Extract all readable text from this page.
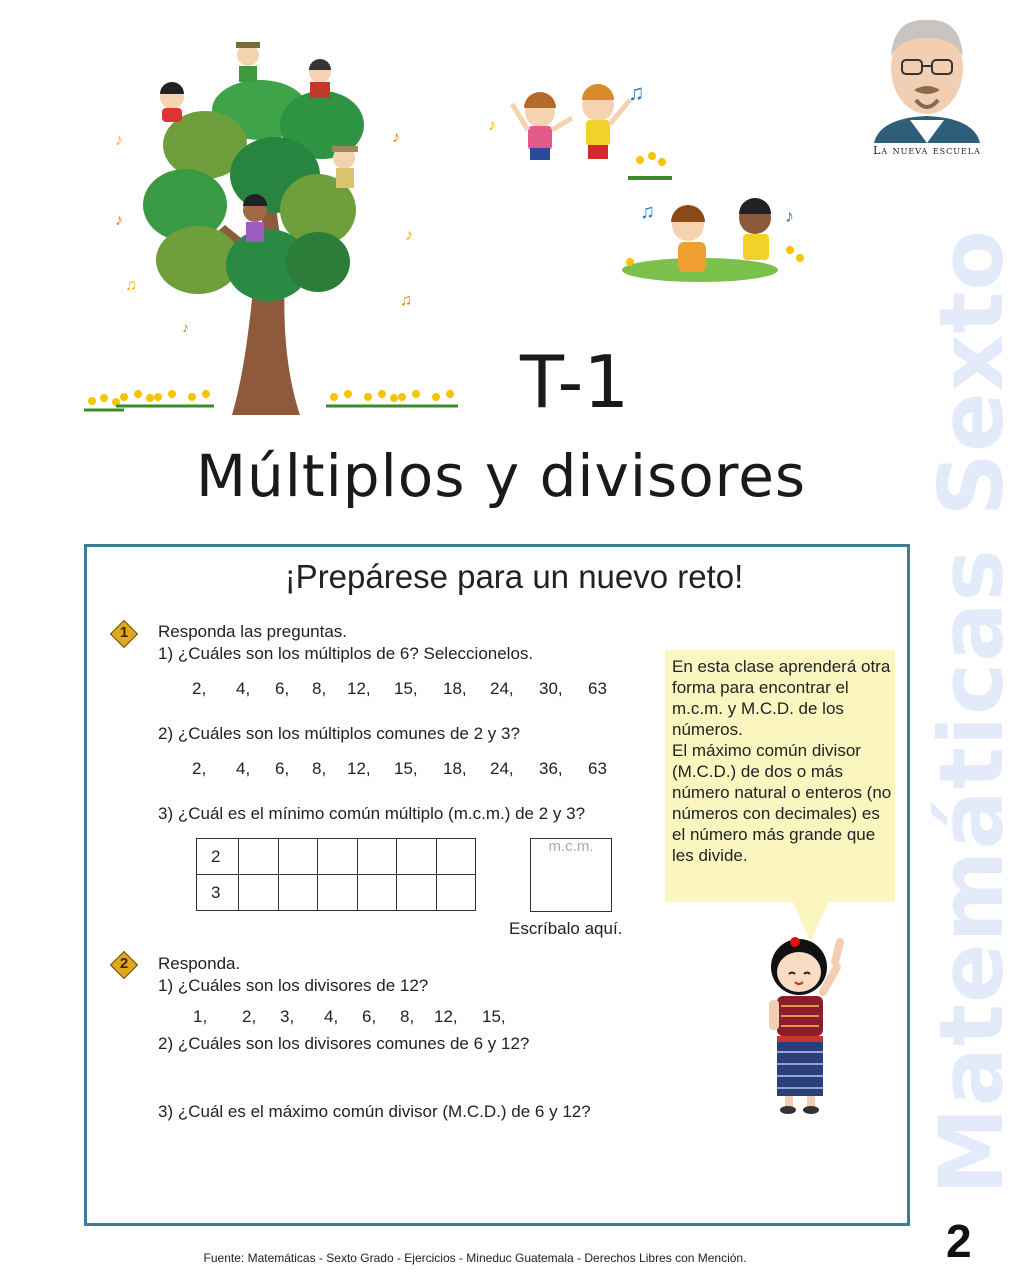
Matemáticas Sexto
♪	♪
♪
♪
♫
♫
♪
♫
♪
♫	♪
La nueva escuela
T-1
Múltiplos y divisores
¡Prepárese para un nuevo reto!
1	Responda las preguntas.
1) ¿Cuáles son los múltiplos de 6? Seleccionelos.
2, 4, 6, 8, 12, 15, 18, 24, 30, 63
2) ¿Cuáles son los múltiplos comunes de 2 y 3?
2, 4, 6, 8, 12, 15, 18, 24, 36, 63
3) ¿Cuál es el mínimo común múltiplo (m.c.m.) de 2 y 3?
2						
3						
m.c.m.
Escríbalo aquí.
2	Responda.
1) ¿Cuáles son los divisores de 12?
1, 2, 3, 4, 6, 8, 12, 15,
2) ¿Cuáles son los divisores comunes de 6 y 12?
3) ¿Cuál es el máximo común divisor (M.C.D.) de 6 y 12?
En esta clase aprenderá otra forma para encontrar el m.c.m. y M.C.D. de los números.
El máximo común divisor (M.C.D.) de dos o más número natural o enteros (no números con decimales) es el número más grande que les divide.
Fuente: Matemáticas - Sexto Grado - Ejercicios - Mineduc Guatemala - Derechos Libres con Mención.	2
